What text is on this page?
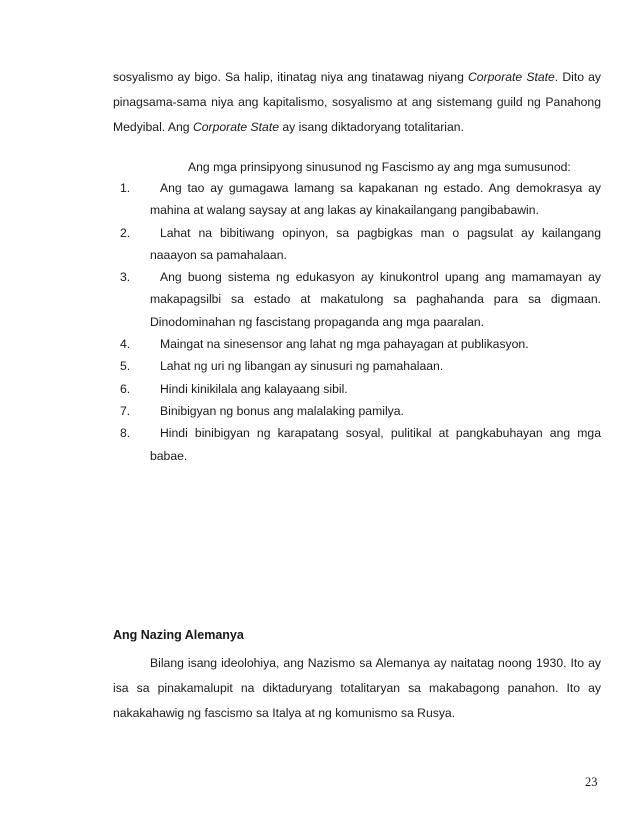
sosyalismo ay bigo. Sa halip, itinatag niya ang tinatawag niyang Corporate State. Dito ay pinagsama-sama niya ang kapitalismo, sosyalismo at ang sistemang guild ng Panahong Medyibal. Ang Corporate State ay isang diktadoryang totalitarian.

Ang mga prinsipyong sinusunod ng Fascismo ay ang mga sumusunod:

1.	Ang tao ay gumagawa lamang sa kapakanan ng estado. Ang demokrasya ay mahina at walang saysay at ang lakas ay kinakailangang pangibabawin.
2.	Lahat na bibitiwang opinyon, sa pagbigkas man o pagsulat ay kailangang naaayon sa pamahalaan.
3.	Ang buong sistema ng edukasyon ay kinukontrol upang ang mamamayan ay makapagsilbi sa estado at makatulong sa paghahanda para sa digmaan. Dinodominahan ng fascistang propaganda ang mga paaralan.
4.	Maingat na sinesensor ang lahat ng mga pahayagan at publikasyon.
5.	Lahat ng uri ng libangan ay sinusuri ng pamahalaan.
6.	Hindi kinikilala ang kalayaang sibil.
7.	Binibigyan ng bonus ang malalaking pamilya.
8.	Hindi binibigyan ng karapatang sosyal, pulitikal at pangkabuhayan ang mga babae.
Ang Nazing Alemanya

Bilang isang ideolohiya, ang Nazismo sa Alemanya ay naitatag noong 1930. Ito ay isa sa pinakamalupit na diktaduryang totalitaryan sa makabagong panahon. Ito ay nakakahawig ng fascismo sa Italya at ng komunismo sa Rusya.

23
